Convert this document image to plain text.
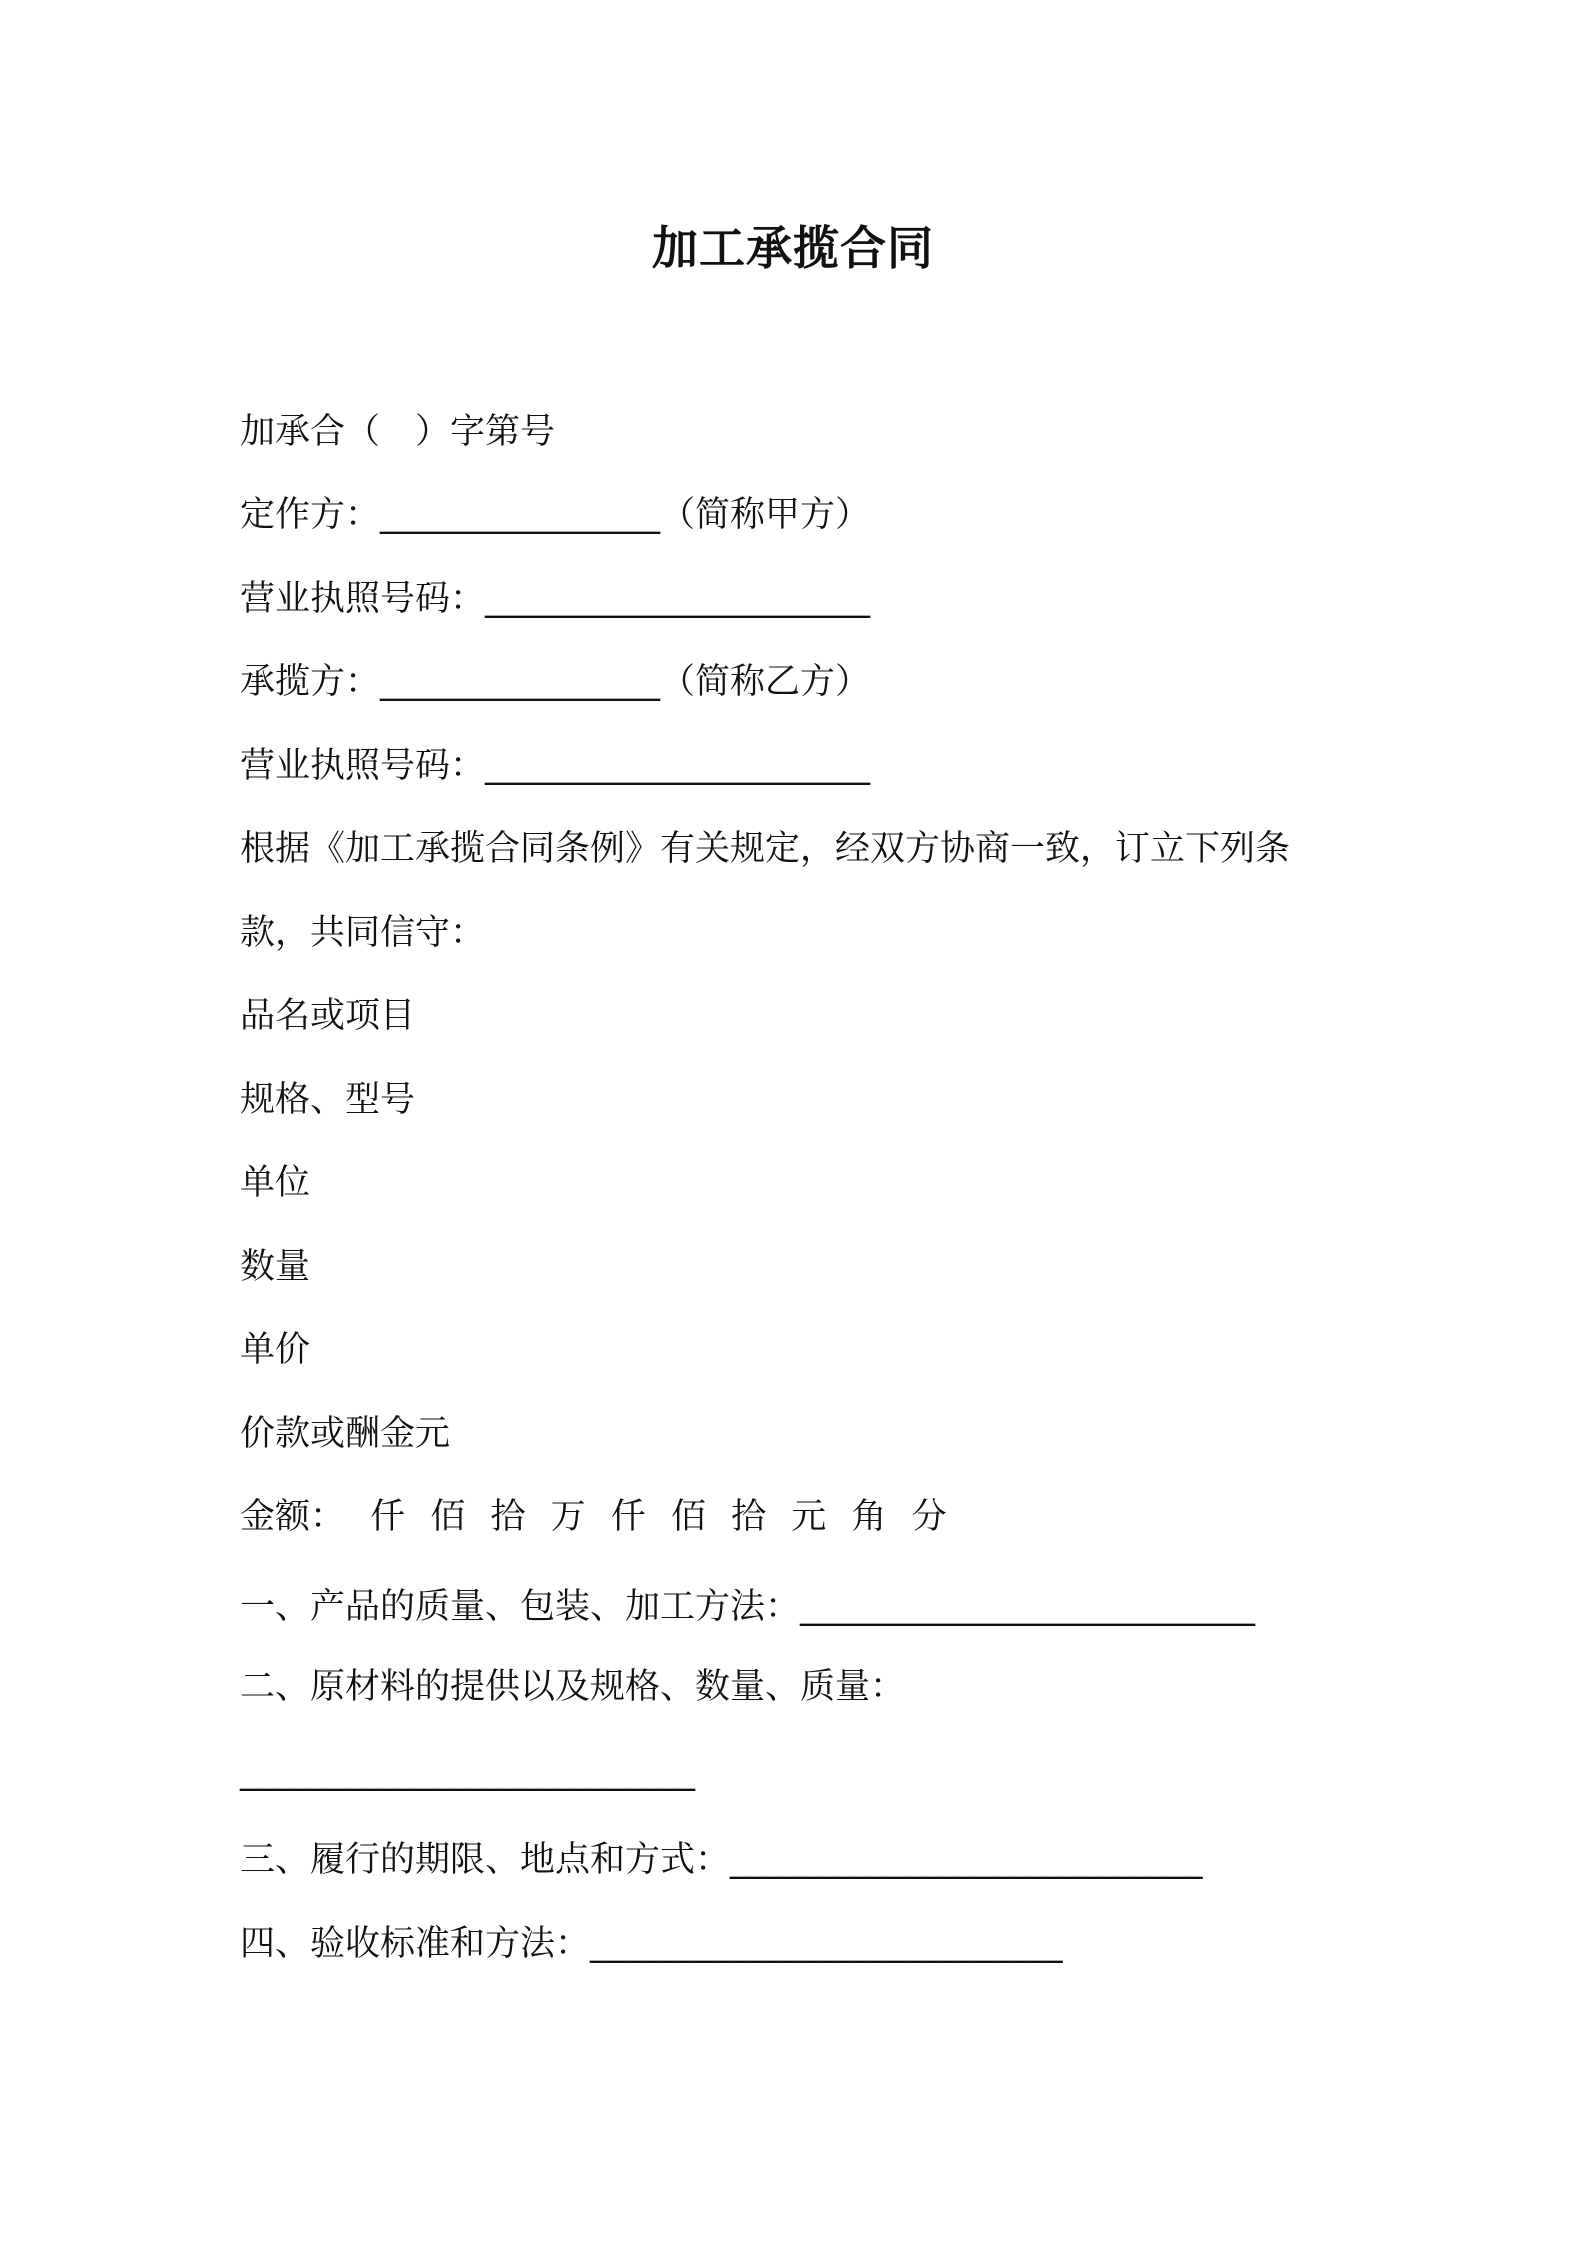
加工承揽合同
加承合（　）字第号
定作方：________________（简称甲方）
营业执照号码：______________________
承揽方：________________（简称乙方）
营业执照号码：______________________
根据《加工承揽合同条例》有关规定，经双方协商一致，订立下列条
款，共同信守：
品名或项目
规格、型号
单位
数量
单价
价款或酬金元
金额： 仟 佰 拾 万 仟 佰 拾 元 角 分
一、产品的质量、包装、加工方法：__________________________
二、原材料的提供以及规格、数量、质量：
__________________________
三、履行的期限、地点和方式：___________________________
四、验收标准和方法：___________________________
